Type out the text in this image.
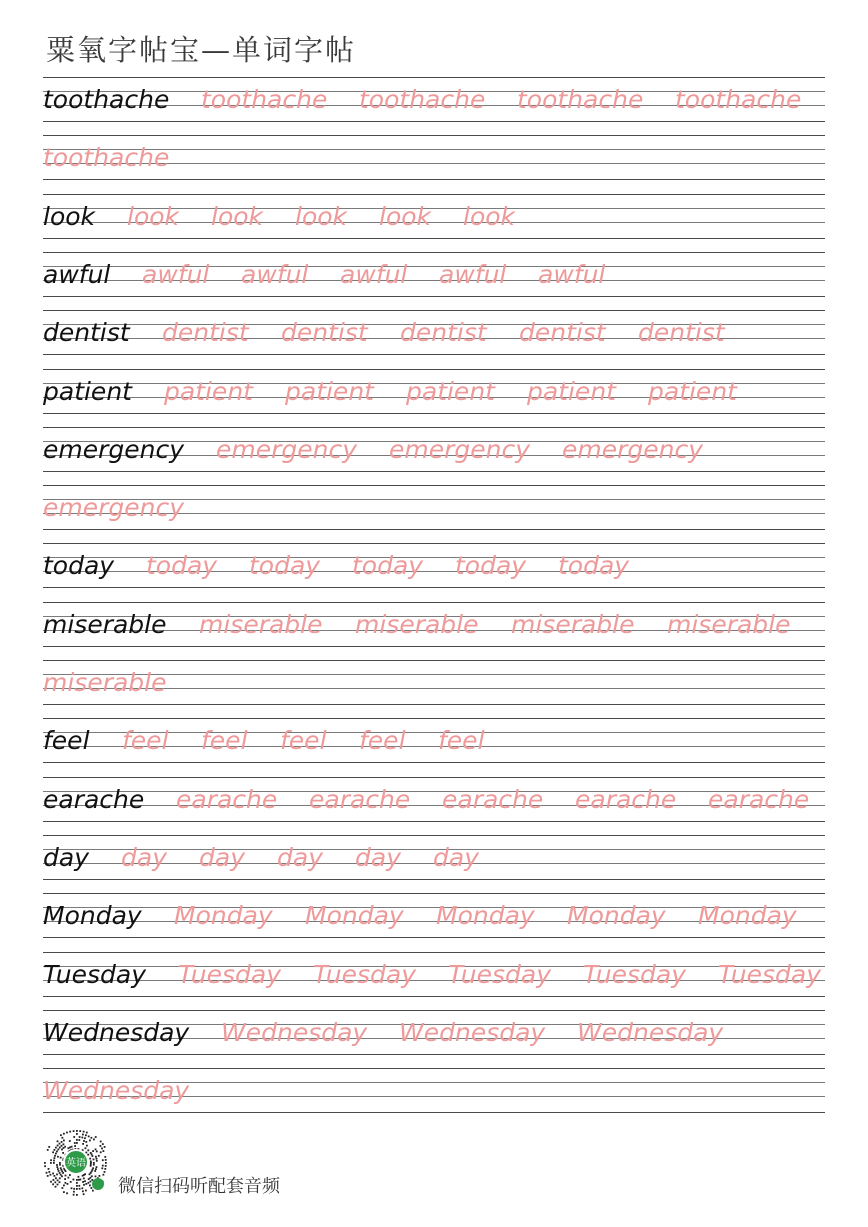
粟氧字帖宝—单词字帖
toothache toothache toothache toothache toothache
toothache
look look look look look look
awful awful awful awful awful awful
dentist dentist dentist dentist dentist dentist
patient patient patient patient patient patient
emergency emergency emergency emergency
emergency
today today today today today today
miserable miserable miserable miserable miserable
miserable
feel feel feel feel feel feel
earache earache earache earache earache earache
day day day day day day
Monday Monday Monday Monday Monday Monday
Tuesday Tuesday Tuesday Tuesday Tuesday Tuesday
Wednesday Wednesday Wednesday Wednesday
Wednesday
英语
微信扫码听配套音频
